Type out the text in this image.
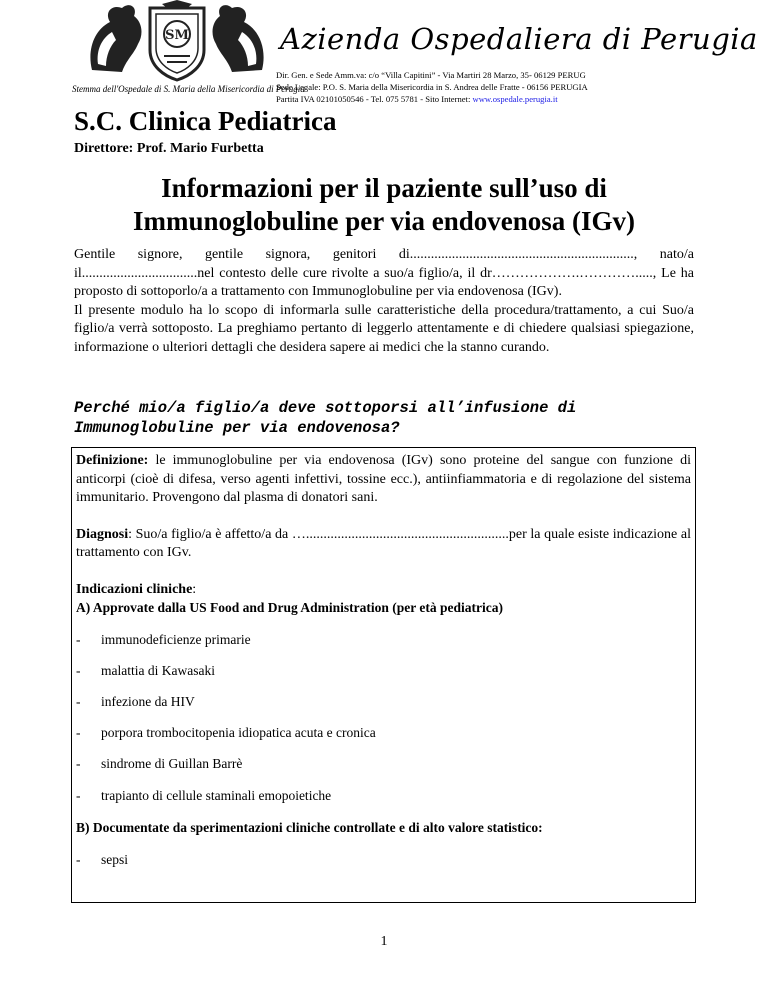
SM
Stemma dell'Ospedale di S. Maria della Misericordia di Perugia
Azienda Ospedaliera di Perugia
Dir. Gen. e Sede Amm.va: c/o “Villa Capitini” - Via Martiri 28 Marzo, 35- 06129 PERUG
Sede Legale: P.O. S. Maria della Misericordia in S. Andrea delle Fratte - 06156 PERUGIA
Partita IVA 02101050546 - Tel. 075 5781 - Sito Internet: www.ospedale.perugia.it
S.C. Clinica Pediatrica
Direttore: Prof. Mario Furbetta
Informazioni per il paziente sull’uso di
Immunoglobuline per via endovenosa (IGv)

Gentile signore, gentile signora, genitori di................................................................, nato/a il.................................nel contesto delle cure rivolte a suo/a figlio/a, il dr……………….…………....., Le ha proposto di sottoporlo/a a trattamento con Immunoglobuline per via endovenosa (IGv).

Il presente modulo ha lo scopo di informarla sulle caratteristiche della procedura/trattamento, a cui Suo/a figlio/a verrà sottoposto. La preghiamo pertanto di leggerlo attentamente e di chiedere qualsiasi spiegazione, informazione o ulteriori dettagli che desidera sapere ai medici che la stanno curando.

Perché mio/a figlio/a deve sottoporsi all’infusione di
Immunoglobuline per via endovenosa?

Definizione: le immunoglobuline per via endovenosa (IGv) sono proteine del sangue con funzione di anticorpi (cioè di difesa, verso agenti infettivi, tossine ecc.), antiinfiammatoria e di regolazione del sistema immunitario. Provengono dal plasma di donatori sani.

Diagnosi: Suo/a figlio/a è affetto/a da …..........................................................per la quale esiste indicazione al trattamento con IGv.

Indicazioni cliniche:

A) Approvate dalla US Food and Drug Administration (per età pediatrica)
- immunodeficienze primarie
- malattia di Kawasaki
- infezione da HIV
- porpora trombocitopenia idiopatica acuta e cronica
- sindrome di Guillan Barrè
- trapianto di cellule staminali emopoietiche
B) Documentate da sperimentazioni cliniche controllate e di alto valore statistico:
- sepsi
1
